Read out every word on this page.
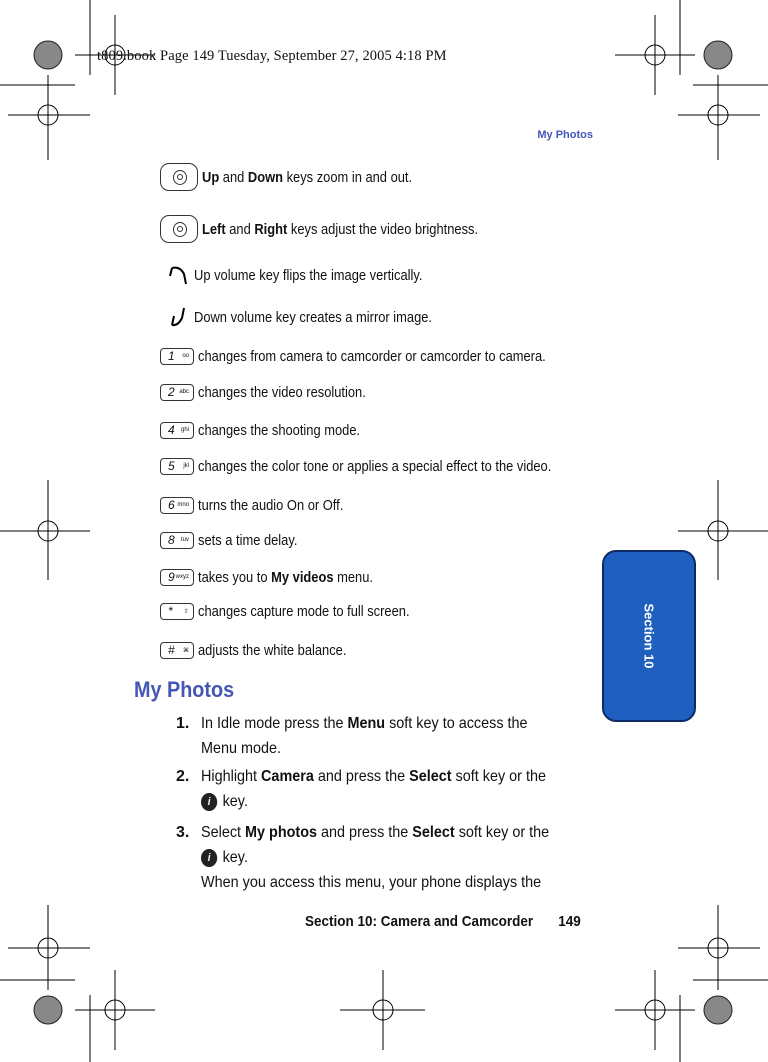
t809.book Page 149 Tuesday, September 27, 2005 4:18 PM
My Photos
Up and Down keys zoom in and out.
Left and Right keys adjust the video brightness.
Up volume key flips the image vertically.
Down volume key creates a mirror image.
1 oo changes from camera to camcorder or camcorder to camera.
2 abc changes the video resolution.
4 ghi changes the shooting mode.
5 jkl changes the color tone or applies a special effect to the video.
6 mno turns the audio On or Off.
8 tuv sets a time delay.
9 wxyz takes you to My videos menu.
* ⇧ changes capture mode to full screen.
# ⌘ adjusts the white balance.	Section 10
My Photos
1. In Idle mode press the Menu soft key to access the
Menu mode.
2. Highlight Camera and press the Select soft key or the
i key.
3. Select My photos and press the Select soft key or the
i key.
When you access this menu, your phone displays the
Section 10: Camera and Camcorder 149
